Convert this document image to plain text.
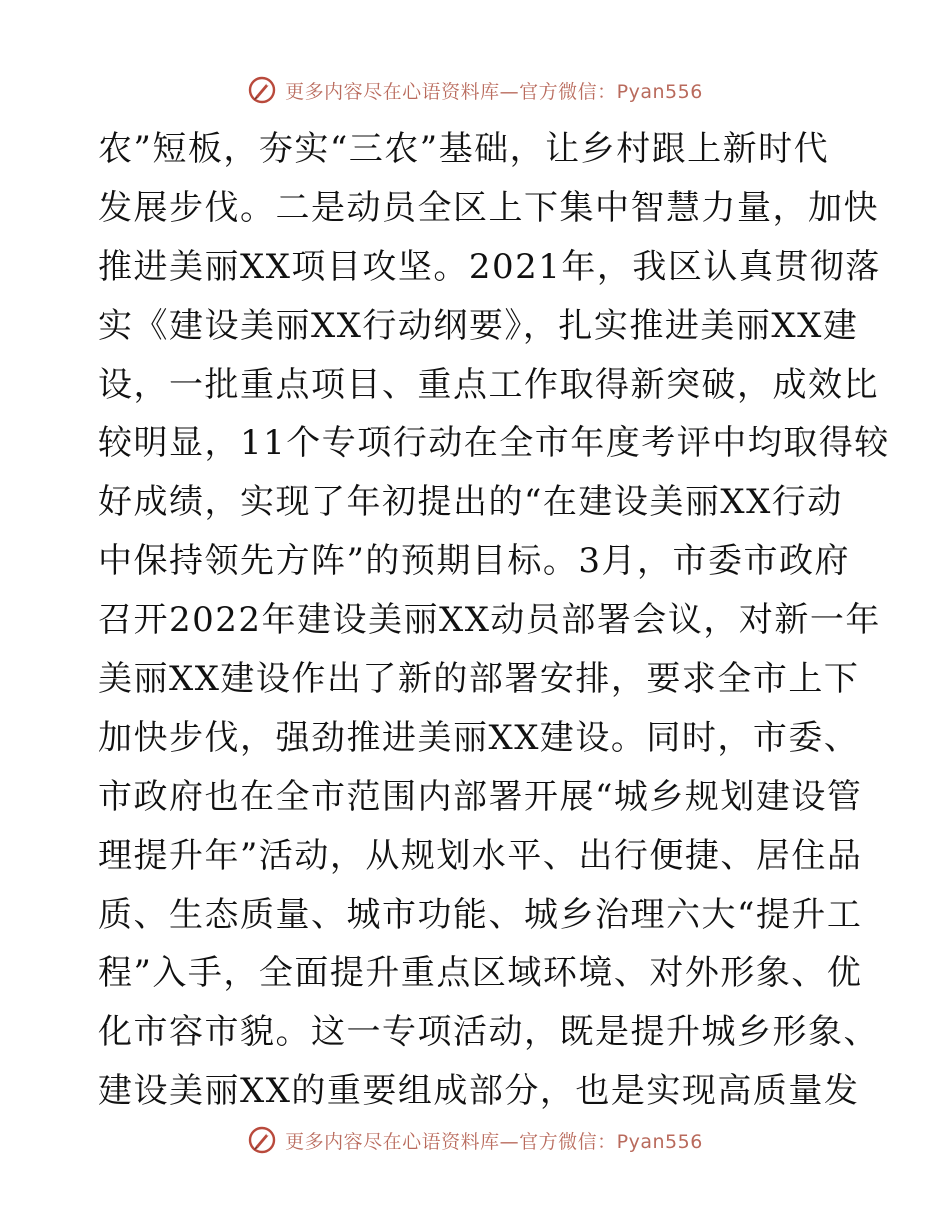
更多内容尽在心语资料库—官方微信：Pyan556
农”短板，夯实“三农”基础，让乡村跟上新时代
发展步伐。二是动员全区上下集中智慧力量，加快
推进美丽XX项目攻坚。2021年，我区认真贯彻落
实《建设美丽XX行动纲要》，扎实推进美丽XX建
设，一批重点项目、重点工作取得新突破，成效比
较明显，11个专项行动在全市年度考评中均取得较
好成绩，实现了年初提出的“在建设美丽XX行动
中保持领先方阵”的预期目标。3月，市委市政府
召开2022年建设美丽XX动员部署会议，对新一年
美丽XX建设作出了新的部署安排，要求全市上下
加快步伐，强劲推进美丽XX建设。同时，市委、
市政府也在全市范围内部署开展“城乡规划建设管
理提升年”活动，从规划水平、出行便捷、居住品
质、生态质量、城市功能、城乡治理六大“提升工
程”入手，全面提升重点区域环境、对外形象、优
化市容市貌。这一专项活动，既是提升城乡形象、
建设美丽XX的重要组成部分，也是实现高质量发
更多内容尽在心语资料库—官方微信：Pyan556
